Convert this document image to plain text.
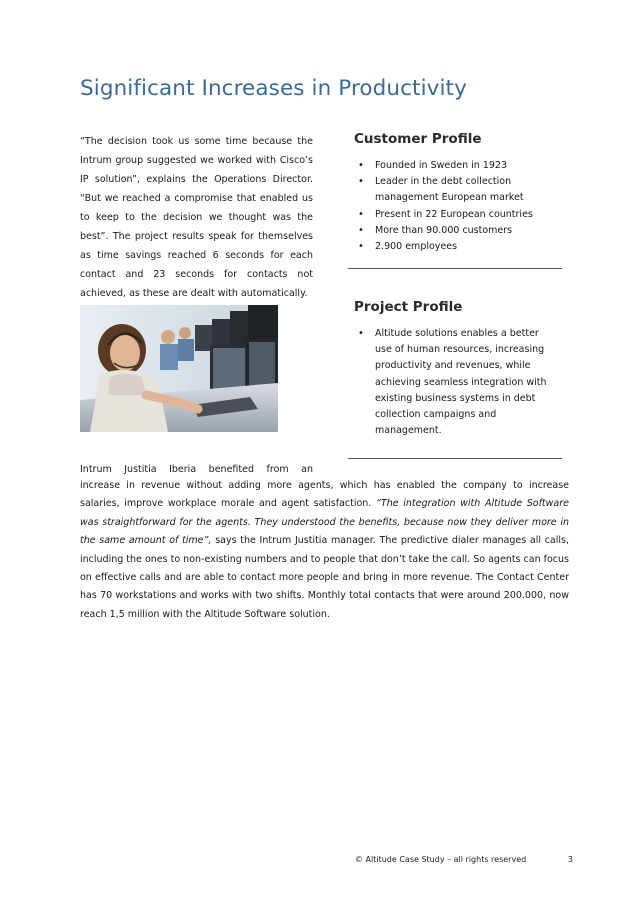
Significant Increases in Productivity

“The decision took us some time because the Intrum group suggested we worked with Cisco’s IP solution”, explains the Operations Director. “But we reached a compromise that enabled us to keep to the decision we thought was the best”. The project results speak for themselves as time savings reached 6 seconds for each contact and 23 seconds for contacts not

achieved, as these are dealt with automatically.

Customer Profile
• Founded in Sweden in 1923
• Leader in the debt collection management European market
• Present in 22 European countries
• More than 90.000 customers
• 2.900 employees
Project Profile
• Altitude solutions enables a better use of human resources, increasing productivity and revenues, while achieving seamless integration with existing business systems in debt collection campaigns and management.
Intrum Justitia Iberia benefited from an

increase in revenue without adding more agents, which has enabled the company to increase salaries, improve workplace morale and agent satisfaction. “The integration with Altitude Software was straightforward for the agents. They understood the benefits, because now they deliver more in the same amount of time”, says the Intrum Justitia manager. The predictive dialer manages all calls, including the ones to non-existing numbers and to people that don’t take the call. So agents can focus on effective calls and are able to contact more people and bring in more revenue. The Contact Center has 70 workstations and works with two shifts. Monthly total contacts that were around 200.000, now reach 1,5 million with the Altitude Software solution.

© Altitude Case Study – all rights reserved	3
